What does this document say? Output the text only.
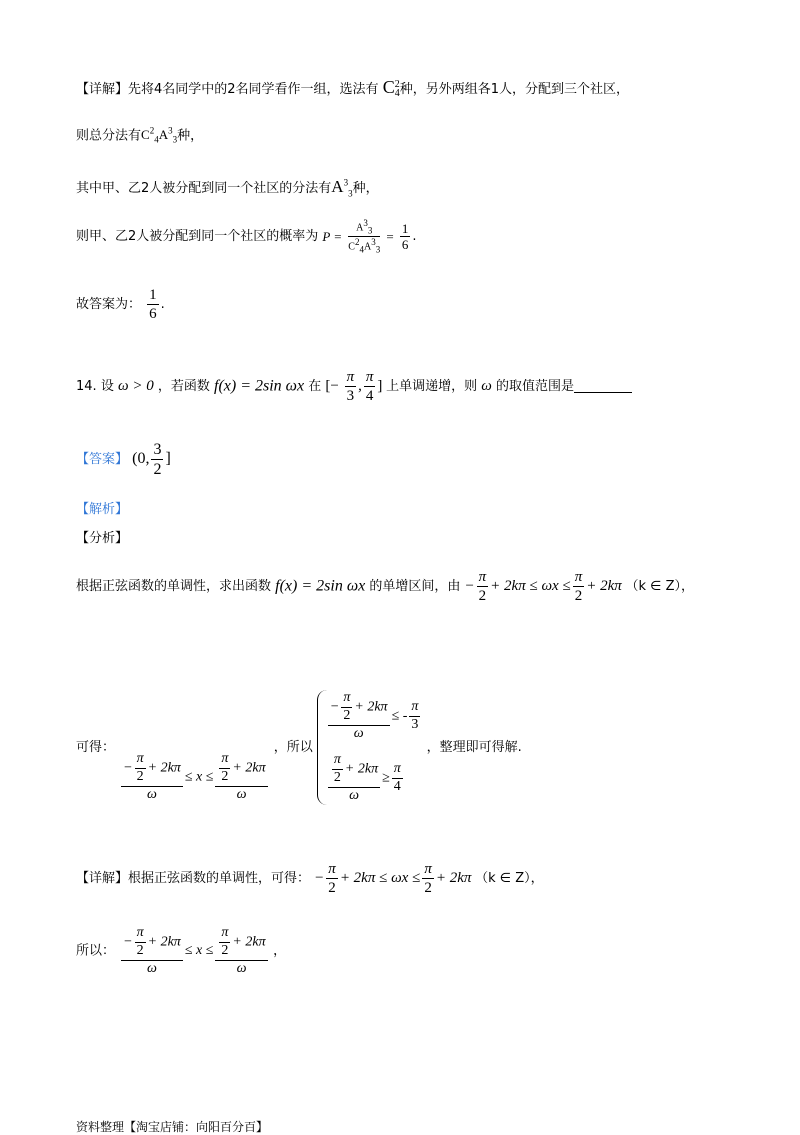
【详解】先将4名同学中的2名同学看作一组，选法有 C 2
4 种，另外两组各1人，分配到三个社区，
则总分法有$C^2_4A^3_3$种，
其中甲、乙2人被分配到同一个社区的分法有$A^3_3$种，
则甲、乙2人被分配到同一个社区的概率为 $P = \frac{A33}{C24A33} = \frac{1}{6}$ .
故答案为： $\frac{1}{6}$ .
14. 设 ω > 0 ，若函数 f(x) = 2sin ωx 在 [− $\frac{\pi}{3}$ , $\frac{\pi}{4}$ ] 上单调递增，则 ω 的取值范围是
【答案】 (0, $\frac{3}{2}$ ]
【解析】
【分析】
根据正弦函数的单调性，求出函数 f(x) = 2sin ωx 的单增区间，由 − $\frac{\pi}{2} + 2k\pi \le \omega x \le \frac{\pi}{2} + 2k\pi$ （k ∈ Z），
可得：
$\frac{- \frac{\pi}{2} + 2k\pi}{\omega} \le x \le \frac{\frac{\pi}{2} + 2k\pi}{\omega}$
，所以
$\frac{- \frac{\pi}{2} + 2k\pi}{\omega}$ ≤ - $\frac{\pi}{3}$
$\frac{\frac{\pi}{2} + 2k\pi}{\omega} \ge \frac{\pi}{4}$
，整理即可得解.
【详解】根据正弦函数的单调性，可得： − $\frac{\pi}{2} + 2k\pi \le \omega x \le \frac{\pi}{2} + 2k\pi$ （k ∈ Z），
所以： $\frac{- \frac{\pi}{2} + 2k\pi}{\omega} \le x \le \frac{\frac{\pi}{2} + 2k\pi}{\omega}$ ，
资料整理【淘宝店铺：向阳百分百】
